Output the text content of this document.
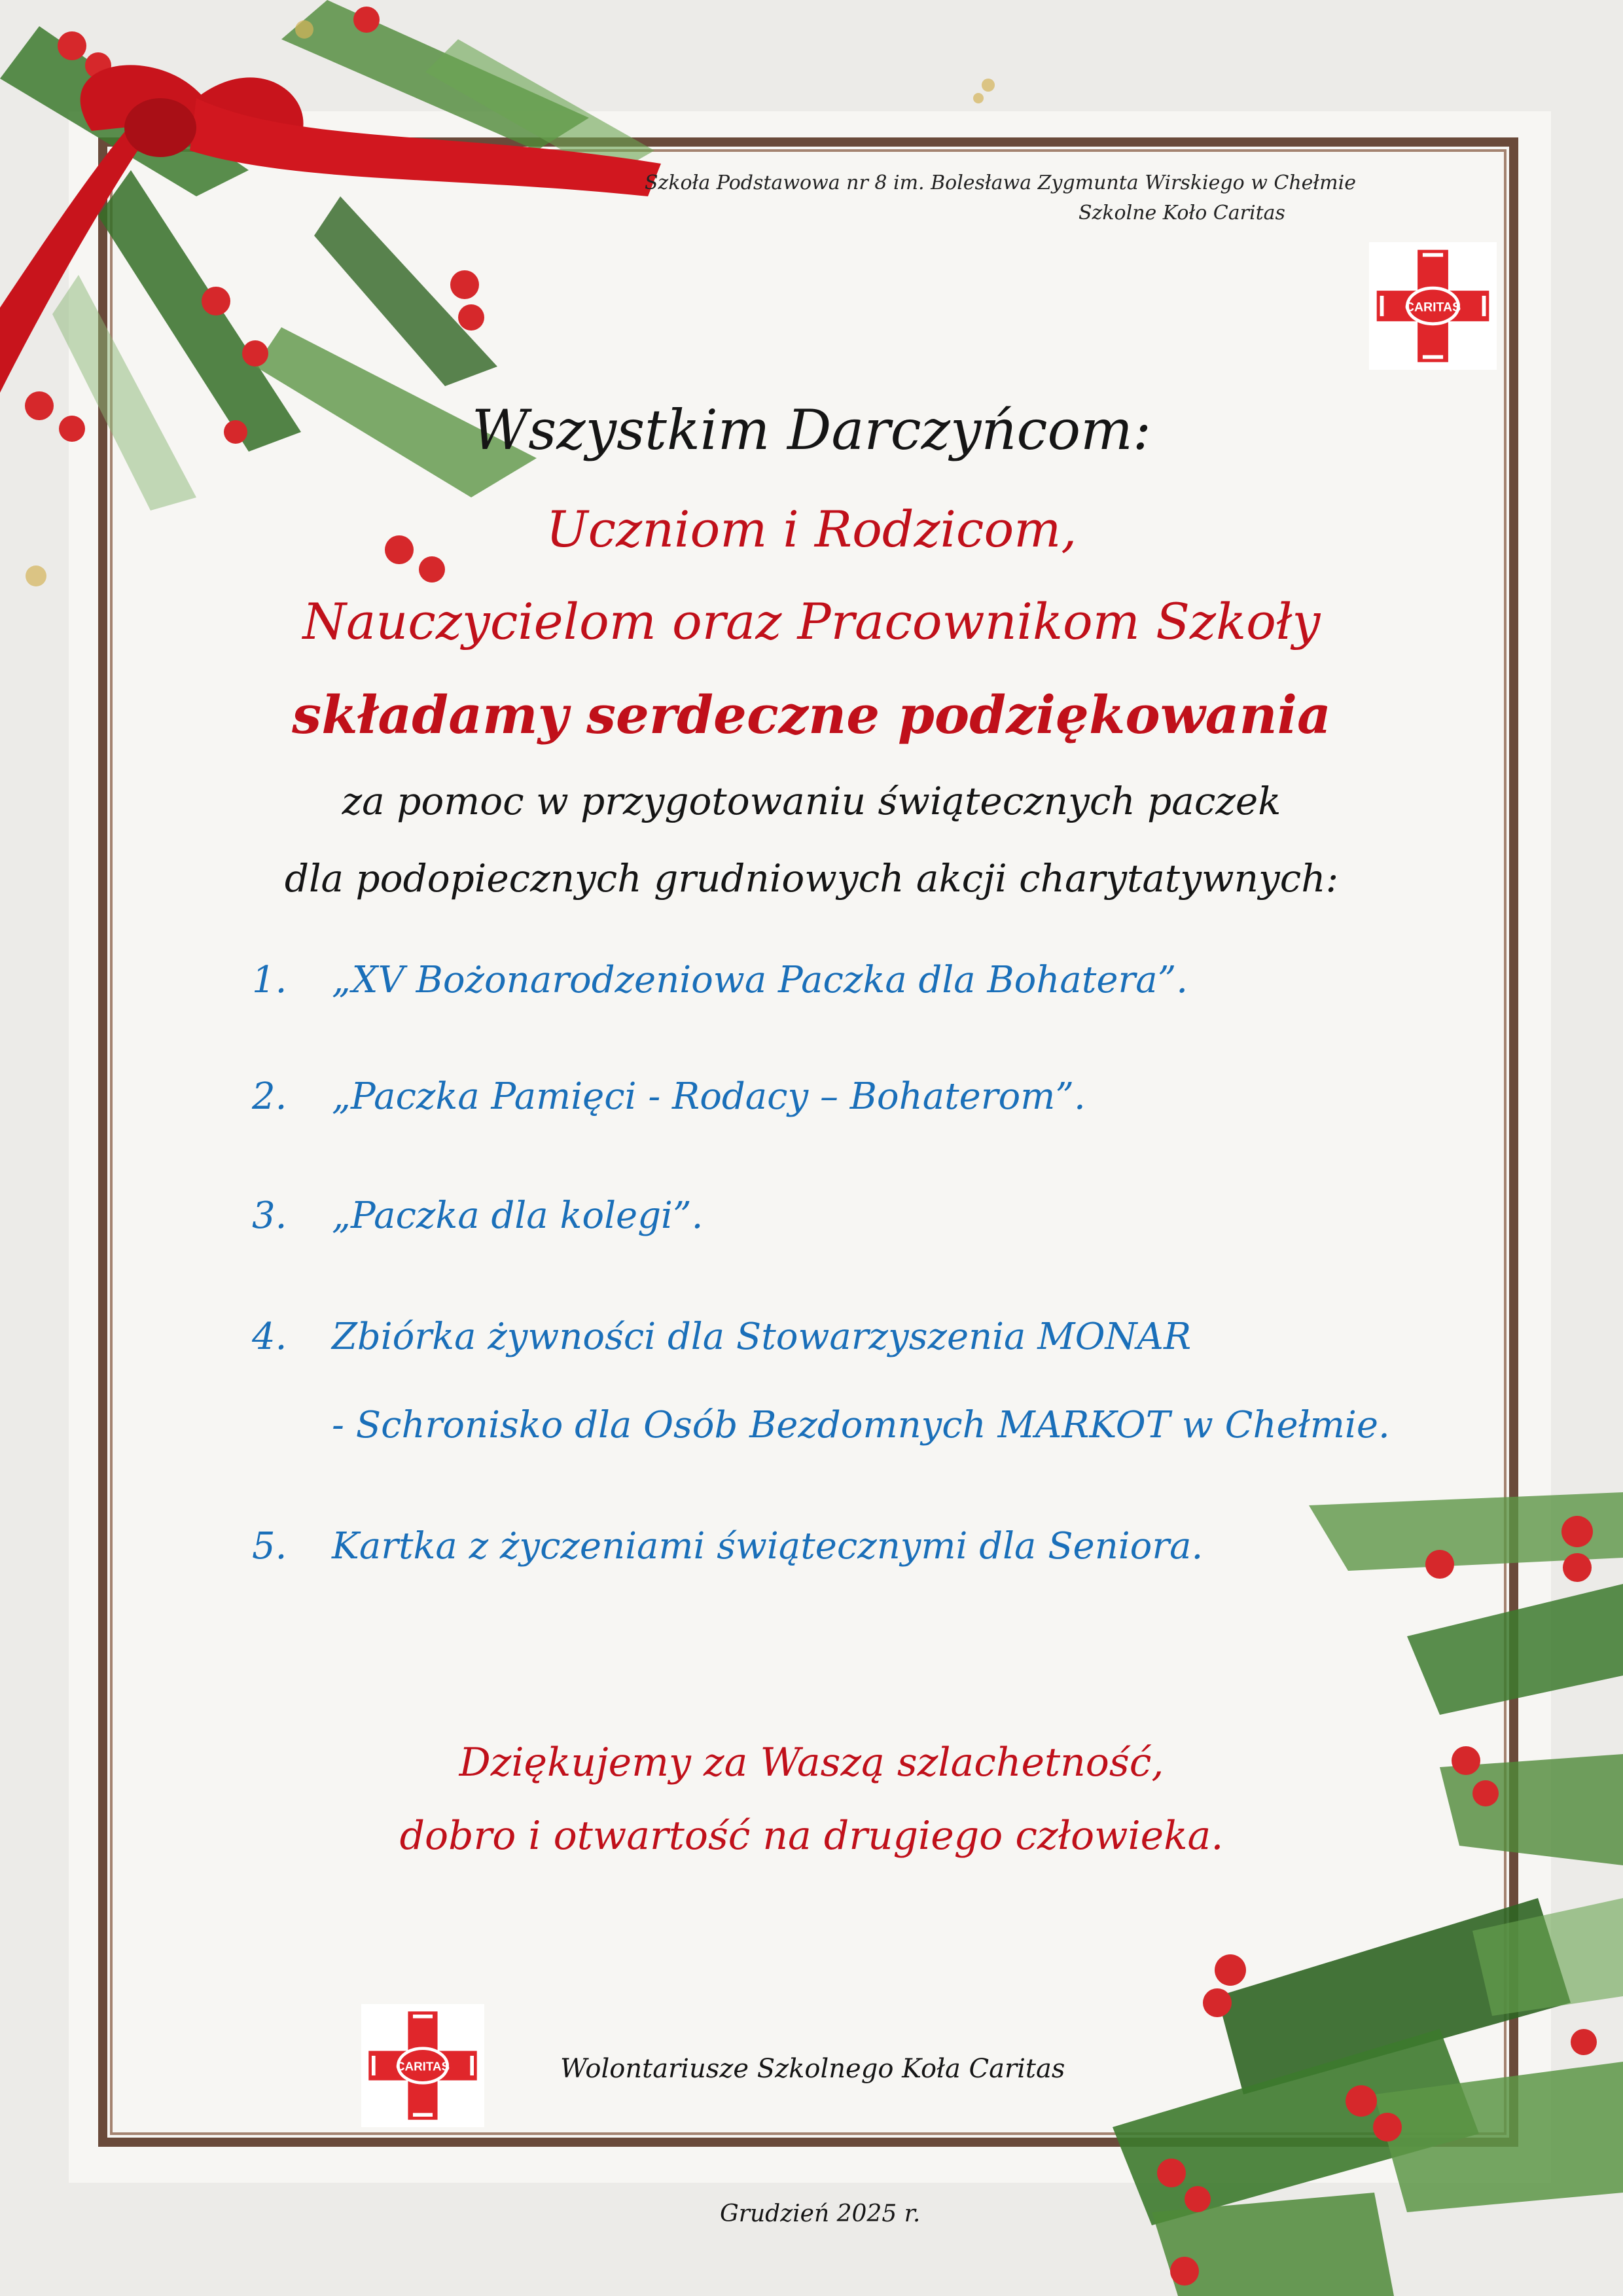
Szkoła Podstawowa nr 8 im. Bolesława Zygmunta Wirskiego w Chełmie
Szkolne Koło Caritas
CARITAS
Wszystkim Darczyńcom:
Uczniom i Rodzicom,
Nauczycielom oraz Pracownikom Szkoły
składamy serdeczne podziękowania
za pomoc w przygotowaniu świątecznych paczek
dla podopiecznych grudniowych akcji charytatywnych:
1. „XV Bożonarodzeniowa Paczka dla Bohatera”.
2. „Paczka Pamięci - Rodacy – Bohaterom”.
3. „Paczka dla kolegi”.
4. Zbiórka żywności dla Stowarzyszenia MONAR
- Schronisko dla Osób Bezdomnych MARKOT w Chełmie.
5. Kartka z życzeniami świątecznymi dla Seniora.
Dziękujemy za Waszą szlachetność,
dobro i otwartość na drugiego człowieka.
CARITAS	Wolontariusze Szkolnego Koła Caritas
Grudzień 2025 r.
